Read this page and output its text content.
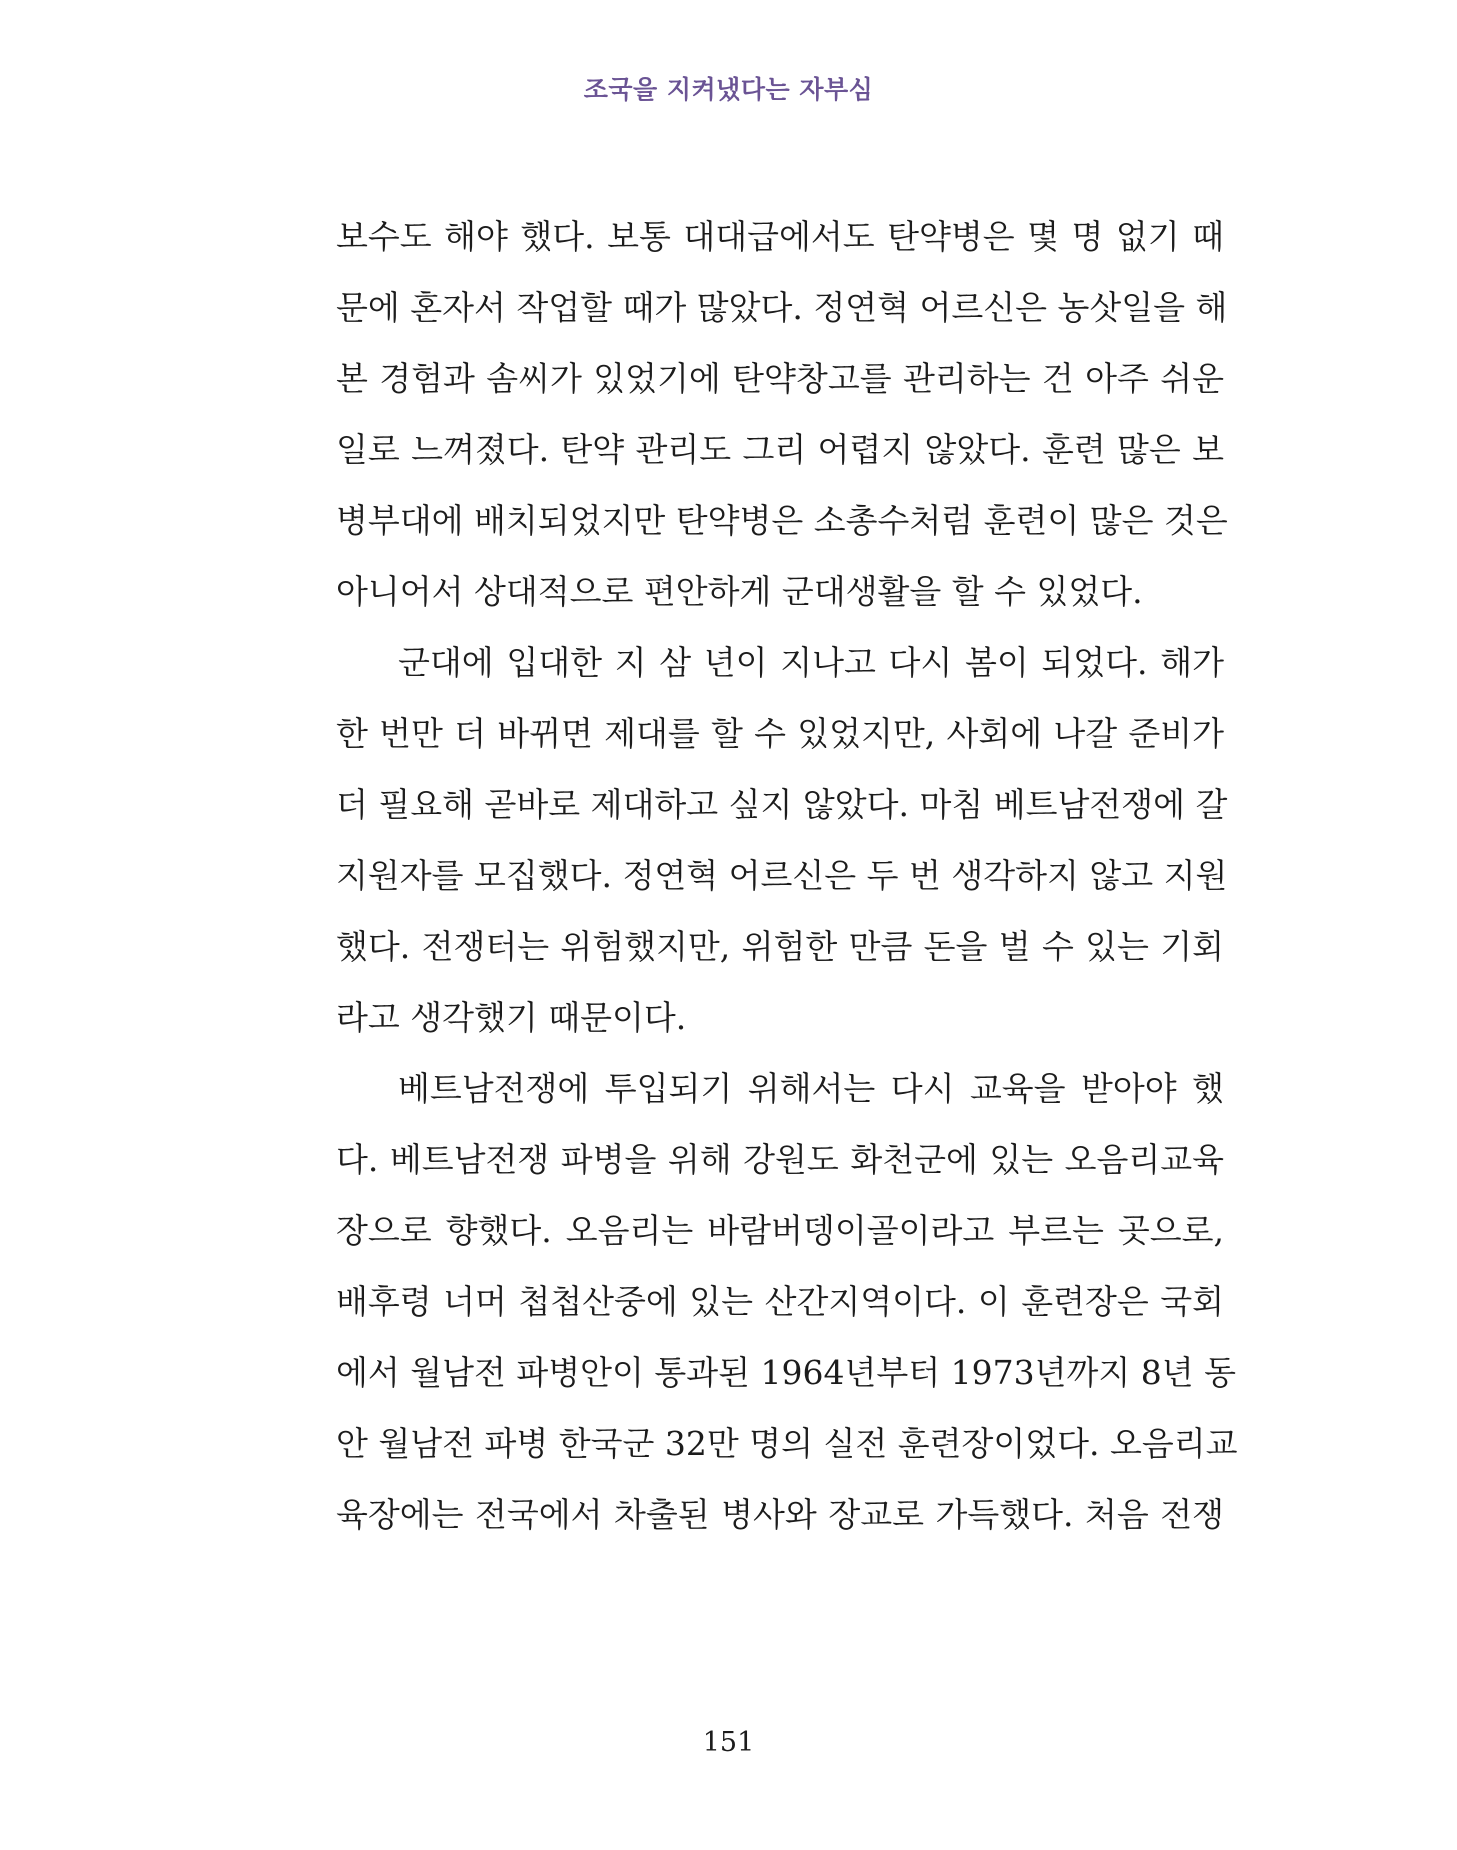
조국을 지켜냈다는 자부심
보수도 해야 했다. 보통 대대급에서도 탄약병은 몇 명 없기 때
문에 혼자서 작업할 때가 많았다. 정연혁 어르신은 농삿일을 해
본 경험과 솜씨가 있었기에 탄약창고를 관리하는 건 아주 쉬운
일로 느껴졌다. 탄약 관리도 그리 어렵지 않았다. 훈련 많은 보
병부대에 배치되었지만 탄약병은 소총수처럼 훈련이 많은 것은
아니어서 상대적으로 편안하게 군대생활을 할 수 있었다.
군대에 입대한 지 삼 년이 지나고 다시 봄이 되었다. 해가
한 번만 더 바뀌면 제대를 할 수 있었지만, 사회에 나갈 준비가
더 필요해 곧바로 제대하고 싶지 않았다. 마침 베트남전쟁에 갈
지원자를 모집했다. 정연혁 어르신은 두 번 생각하지 않고 지원
했다. 전쟁터는 위험했지만, 위험한 만큼 돈을 벌 수 있는 기회
라고 생각했기 때문이다.
베트남전쟁에 투입되기 위해서는 다시 교육을 받아야 했
다. 베트남전쟁 파병을 위해 강원도 화천군에 있는 오음리교육
장으로 향했다. 오음리는 바람버뎅이골이라고 부르는 곳으로,
배후령 너머 첩첩산중에 있는 산간지역이다. 이 훈련장은 국회
에서 월남전 파병안이 통과된 1964년부터 1973년까지 8년 동
안 월남전 파병 한국군 32만 명의 실전 훈련장이었다. 오음리교
육장에는 전국에서 차출된 병사와 장교로 가득했다. 처음 전쟁
151
